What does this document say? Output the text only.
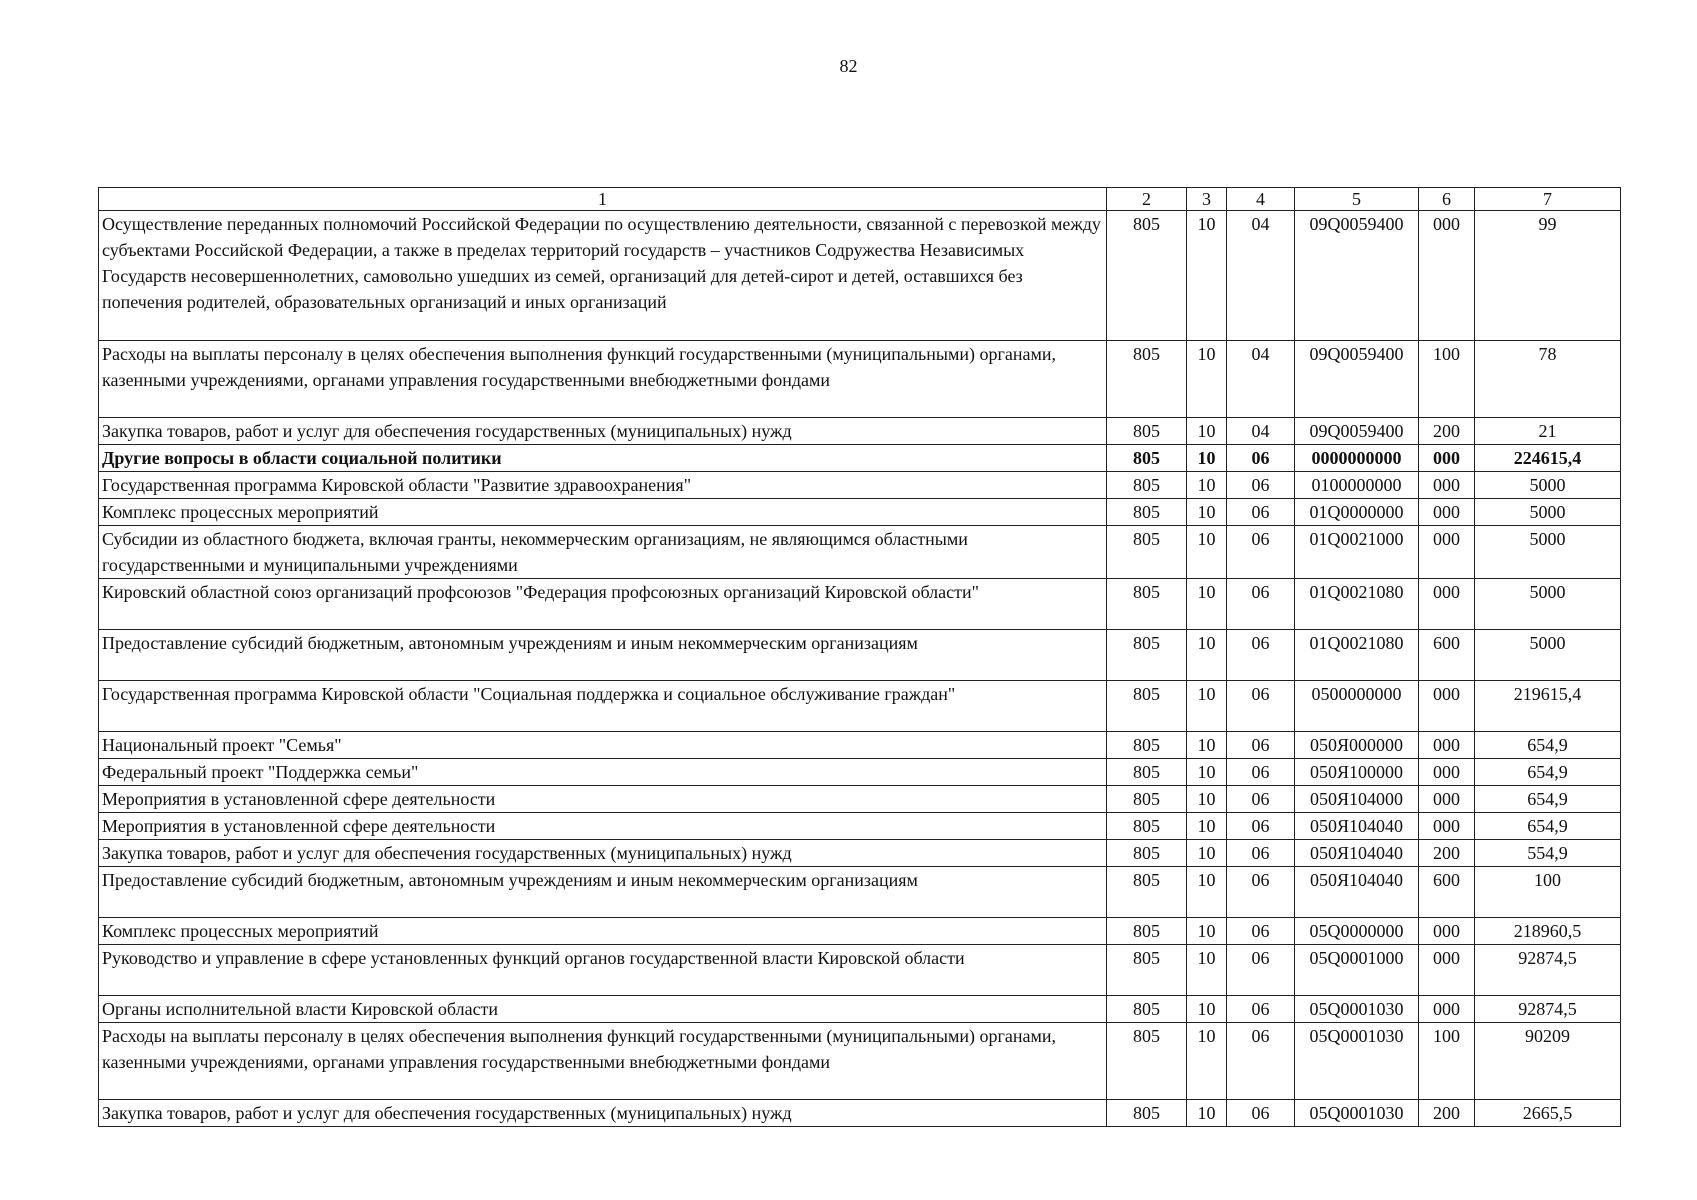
82
1	2	3	4	5	6	7
Осуществление переданных полномочий Российской Федерации по осуществлению деятельности, связанной с перевозкой между субъектами Российской Федерации, а также в пределах территорий государств – участников Содружества Независимых Государств несовершеннолетних, самовольно ушедших из семей, организаций для детей-сирот и детей, оставшихся без попечения родителей, образовательных организаций и иных организаций	805	10	04	09Q0059400	000	99
Расходы на выплаты персоналу в целях обеспечения выполнения функций государственными (муниципальными) органами, казенными учреждениями, органами управления государственными внебюджетными фондами	805	10	04	09Q0059400	100	78
Закупка товаров, работ и услуг для обеспечения государственных (муниципальных) нужд	805	10	04	09Q0059400	200	21
Другие вопросы в области социальной политики	805	10	06	0000000000	000	224615,4
Государственная программа Кировской области "Развитие здравоохранения"	805	10	06	0100000000	000	5000
Комплекс процессных мероприятий	805	10	06	01Q0000000	000	5000
Субсидии из областного бюджета, включая гранты, некоммерческим организациям, не являющимся областными государственными и муниципальными учреждениями	805	10	06	01Q0021000	000	5000
Кировский областной союз организаций профсоюзов "Федерация профсоюзных организаций Кировской области"	805	10	06	01Q0021080	000	5000
Предоставление субсидий бюджетным, автономным учреждениям и иным некоммерческим организациям	805	10	06	01Q0021080	600	5000
Государственная программа Кировской области "Социальная поддержка и социальное обслуживание граждан"	805	10	06	0500000000	000	219615,4
Национальный проект "Семья"	805	10	06	050Я000000	000	654,9
Федеральный проект "Поддержка семьи"	805	10	06	050Я100000	000	654,9
Мероприятия в установленной сфере деятельности	805	10	06	050Я104000	000	654,9
Мероприятия в установленной сфере деятельности	805	10	06	050Я104040	000	654,9
Закупка товаров, работ и услуг для обеспечения государственных (муниципальных) нужд	805	10	06	050Я104040	200	554,9
Предоставление субсидий бюджетным, автономным учреждениям и иным некоммерческим организациям	805	10	06	050Я104040	600	100
Комплекс процессных мероприятий	805	10	06	05Q0000000	000	218960,5
Руководство и управление в сфере установленных функций органов государственной власти Кировской области	805	10	06	05Q0001000	000	92874,5
Органы исполнительной власти Кировской области	805	10	06	05Q0001030	000	92874,5
Расходы на выплаты персоналу в целях обеспечения выполнения функций государственными (муниципальными) органами, казенными учреждениями, органами управления государственными внебюджетными фондами	805	10	06	05Q0001030	100	90209
Закупка товаров, работ и услуг для обеспечения государственных (муниципальных) нужд	805	10	06	05Q0001030	200	2665,5
